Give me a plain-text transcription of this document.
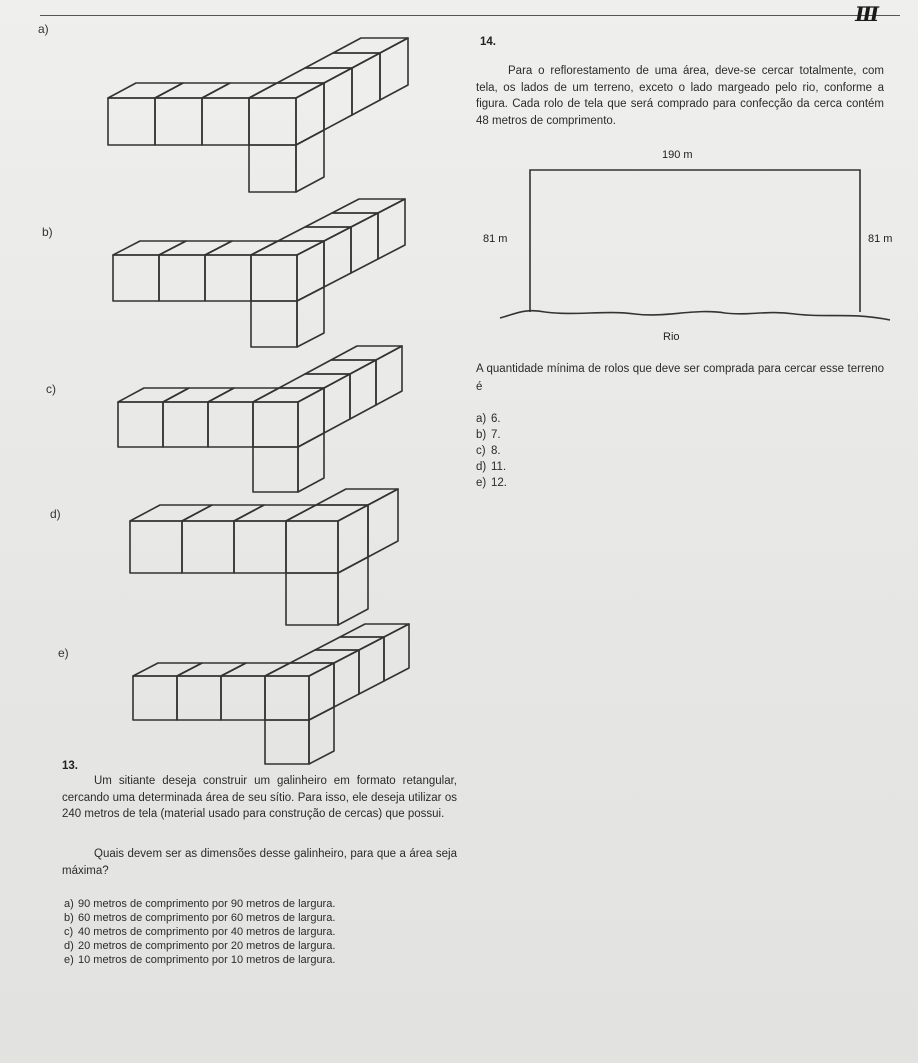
III
a)
b)
c)
d)
e)
14.
Para o reflorestamento de uma área, deve-se cercar totalmente, com tela, os lados de um terreno, exceto o lado margeado pelo rio, conforme a figura. Cada rolo de tela que será comprado para confecção da cerca contém 48 metros de comprimento.
190 m
81 m	81 m
Rio
A quantidade mínima de rolos que deve ser comprada para cercar esse terreno é
a) 6.
b) 7.
c) 8.
d) 11.
e) 12.
13.
Um sitiante deseja construir um galinheiro em formato retangular, cercando uma determinada área de seu sítio. Para isso, ele deseja utilizar os 240 metros de tela (material usado para construção de cercas) que possui.
Quais devem ser as dimensões desse galinheiro, para que a área seja máxima?
a) 90 metros de comprimento por 90 metros de largura.
b) 60 metros de comprimento por 60 metros de largura.
c) 40 metros de comprimento por 40 metros de largura.
d) 20 metros de comprimento por 20 metros de largura.
e) 10 metros de comprimento por 10 metros de largura.
